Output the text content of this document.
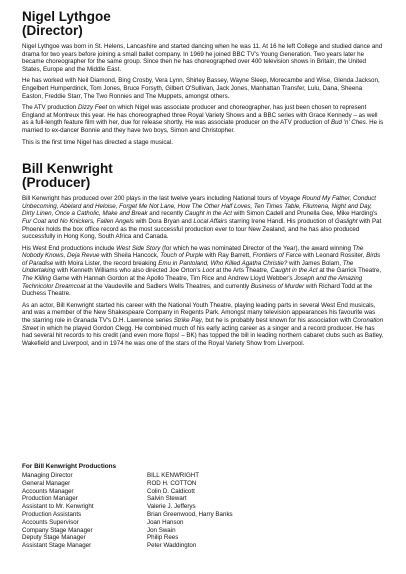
Nigel Lythgoe
(Director)

Nigel Lythgoe was born in St. Helens, Lancashire and started dancing when he was 11. At 16 he left College and studied dance and drama for two years before joining a small ballet company. In 1969 he joined BBC TV's Young Generation. Two years later he became choreographer for the same group. Since then he has choreographed over 400 television shows in Britain, the United States, Europe and the Middle East.

He has worked with Neil Diamond, Bing Crosby, Vera Lynn, Shirley Bassey, Wayne Sleep, Morecambe and Wise, Glenda Jackson, Engelbert Humperdinck, Tom Jones, Bruce Forsyth, Gilbert O'Sullivan, Jack Jones, Manhattan Transfer, Lulu, Dana, Sheena Easton, Freddie Starr, The Two Ronnies and The Muppets, amongst others.

The ATV production Dizzy Feet on which Nigel was associate producer and choreographer, has just been chosen to represent England at Montreux this year. He has choreographed three Royal Variety Shows and a BBC series with Grace Kennedy – as well as a full-length feature film with her, due for release shortly. He was associate producer on the ATV production of Bud 'n' Ches. He is married to ex-dancer Bonnie and they have two boys, Simon and Christopher.

This is the first time Nigel has directed a stage musical.

Bill Kenwright
(Producer)

Bill Kenwright has produced over 200 plays in the last twelve years including National tours of Voyage Round My Father, Conduct Unbecoming, Abelard and Heloise, Forget Me Not Lane, How The Other Half Loves, Ten Times Table, Filumena, Night and Day, Dirty Linen, Once a Catholic, Make and Break and recently Caught in the Act with Simon Cadell and Prunella Gee, Mike Harding's Fur Coat and No Knickers, Fallen Angels with Dora Bryan and Local Affairs starring Irene Handl. His production of Gaslight with Pat Phoenix holds the box office record as the most successful production ever to tour New Zealand, and he has also produced successfully in Hong Kong, South Africa and Canada.

His West End productions include West Side Story (for which he was nominated Director of the Year), the award winning The Nobody Knows, Deja Revue with Sheila Hancock, Touch of Purple with Ray Barrett, Frontiers of Farce with Leonard Rossiter, Birds of Paradise with Moira Lister, the record breaking Emu in Pantoland, Who Killed Agatha Christie? with James Bolam, The Undertaking with Kenneth Williams who also directed Joe Orton's Loot at the Arts Theatre, Caught in the Act at the Garrick Theatre, The Killing Game with Hannah Gordon at the Apollo Theatre, Tim Rice and Andrew Lloyd Webber's Joseph and the Amazing Technicolor Dreamcoat at the Vaudeville and Sadlers Wells Theatres, and currently Business of Murder with Richard Todd at the Duchess Theatre.

As an actor, Bill Kenwright started his career with the National Youth Theatre, playing leading parts in several West End musicals, and was a member of the New Shakespeare Company in Regents Park. Amongst many television appearances his favourite was the starring role in Granada TV's D.H. Lawrence series Strike Pay, but he is probably best known for his association with Coronation Street in which he played Gordon Clegg. He combined much of his early acting career as a singer and a record producer. He has had several hit records to his credit (and even more flops! – BK) has topped the bill in leading northern cabaret clubs such as Batley, Wakefield and Liverpool, and in 1974 he was one of the stars of the Royal Variety Show from Liverpool.

For Bill Kenwright Productions
Managing Director	BILL KENWRIGHT
General Manager	ROD H. COTTON
Accounts Manager	Colin D. Caldicott
Production Manager	Salvin Stewart
Assistant to Mr. Kenwright	Valerie J. Jefferys
Production Assistants	Brian Greenwood, Harry Banks
Accounts Supervisor	Joan Hanson
Company Stage Manager	Jon Swain
Deputy Stage Manager	Philip Rees
Assistant Stage Manager	Peter Waddington
